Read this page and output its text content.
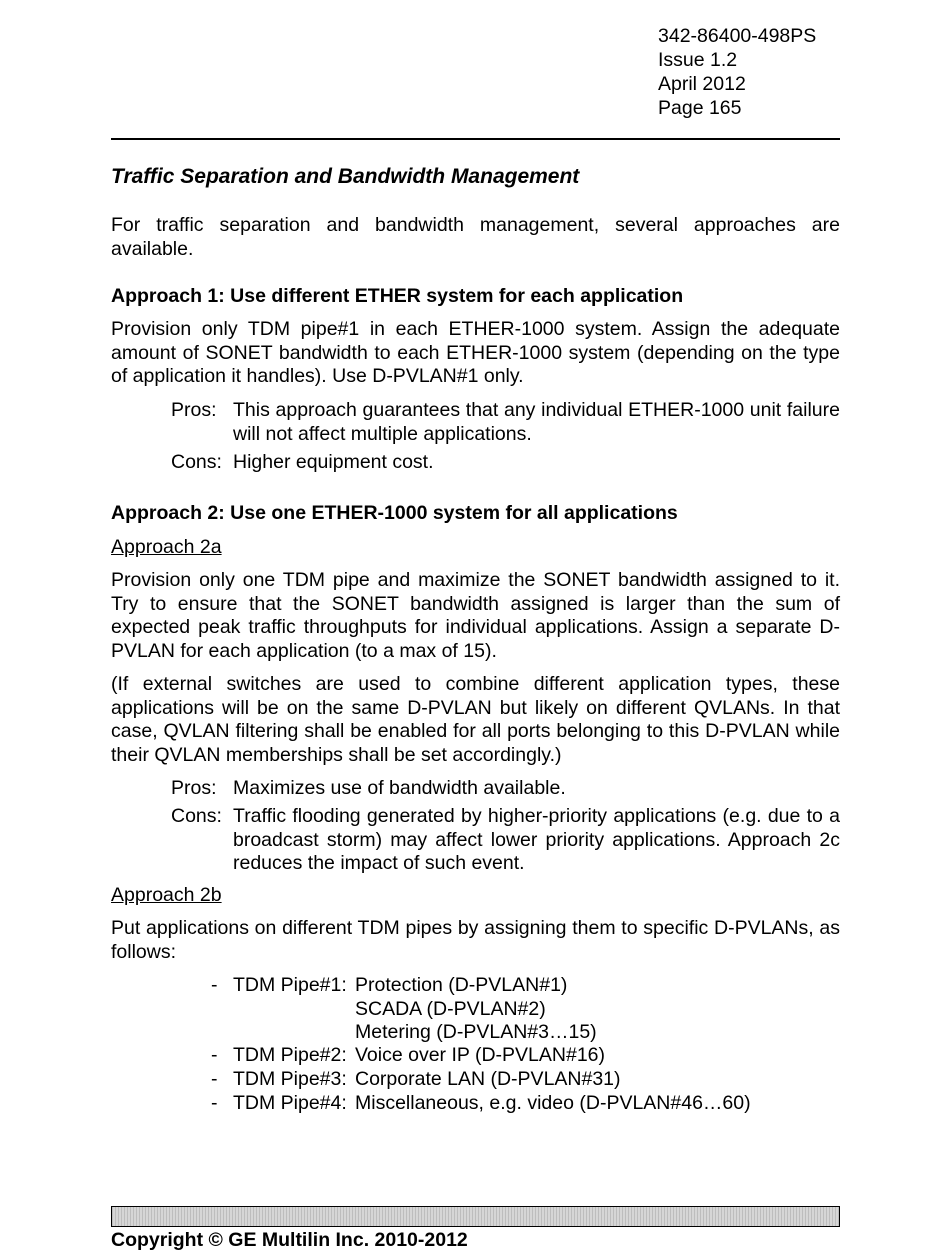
342-86400-498PS
Issue 1.2
April 2012
Page 165
Traffic Separation and Bandwidth Management
For traffic separation and bandwidth management, several approaches are available.
Approach 1: Use different ETHER system for each application
Provision only TDM pipe#1 in each ETHER-1000 system. Assign the adequate amount of SONET bandwidth to each ETHER-1000 system (depending on the type of application it handles). Use D-PVLAN#1 only.
Pros: This approach guarantees that any individual ETHER-1000 unit failure will not affect multiple applications.
Cons: Higher equipment cost.
Approach 2: Use one ETHER-1000 system for all applications
Approach 2a
Provision only one TDM pipe and maximize the SONET bandwidth assigned to it. Try to ensure that the SONET bandwidth assigned is larger than the sum of expected peak traffic throughputs for individual applications. Assign a separate D-PVLAN for each application (to a max of 15).
(If external switches are used to combine different application types, these applications will be on the same D-PVLAN but likely on different QVLANs. In that case, QVLAN filtering shall be enabled for all ports belonging to this D-PVLAN while their QVLAN memberships shall be set accordingly.)
Pros: Maximizes use of bandwidth available.
Cons: Traffic flooding generated by higher-priority applications (e.g. due to a broadcast storm) may affect lower priority applications. Approach 2c reduces the impact of such event.
Approach 2b
Put applications on different TDM pipes by assigning them to specific D-PVLANs, as follows:
- TDM Pipe#1: Protection (D-PVLAN#1)
SCADA (D-PVLAN#2)
Metering (D-PVLAN#3…15)
- TDM Pipe#2: Voice over IP (D-PVLAN#16)
- TDM Pipe#3: Corporate LAN (D-PVLAN#31)
- TDM Pipe#4: Miscellaneous, e.g. video (D-PVLAN#46…60)
Copyright © GE Multilin Inc. 2010-2012
